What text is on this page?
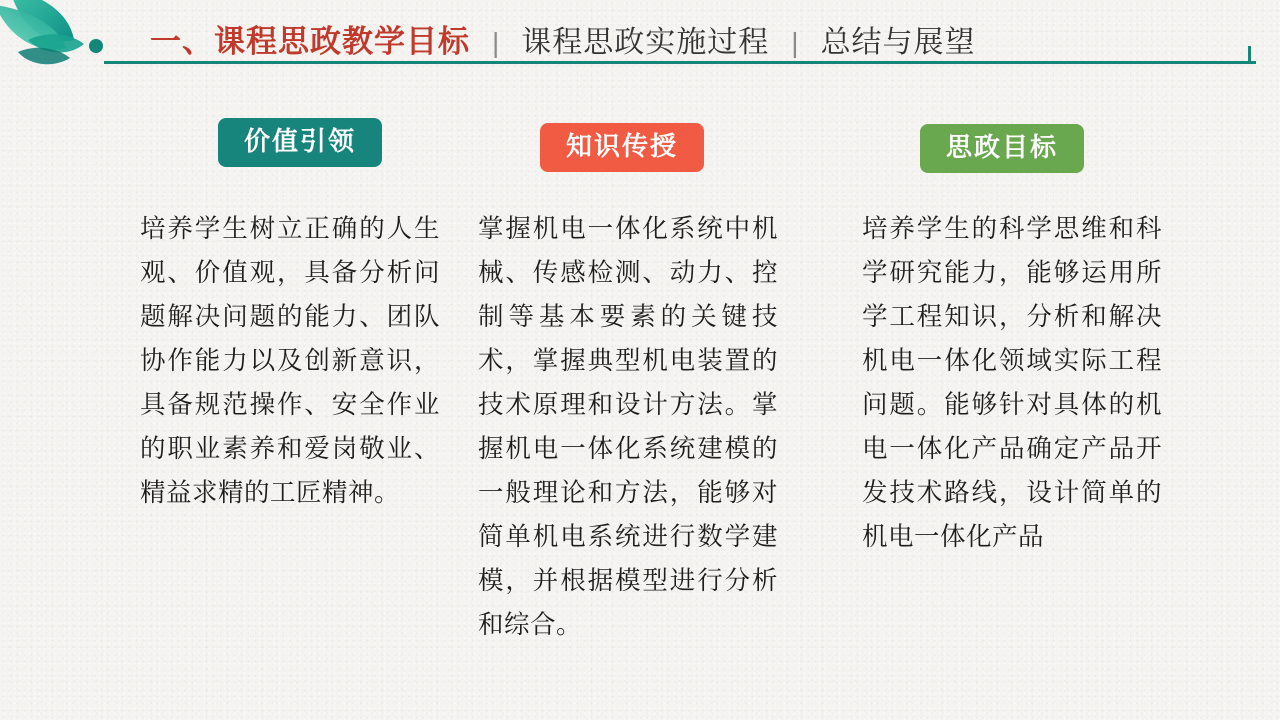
一、课程思政教学目标 | 课程思政实施过程 | 总结与展望
价值引领
培养学生树立正确的人生观、价值观，具备分析问题解决问题的能力、团队协作能力以及创新意识，具备规范操作、安全作业的职业素养和爱岗敬业、精益求精的工匠精神。
知识传授
掌握机电一体化系统中机械、传感检测、动力、控制等基本要素的关键技术，掌握典型机电装置的技术原理和设计方法。掌握机电一体化系统建模的一般理论和方法，能够对简单机电系统进行数学建模，并根据模型进行分析和综合。
思政目标
培养学生的科学思维和科学研究能力，能够运用所学工程知识，分析和解决机电一体化领域实际工程问题。能够针对具体的机电一体化产品确定产品开发技术路线，设计简单的机电一体化产品
